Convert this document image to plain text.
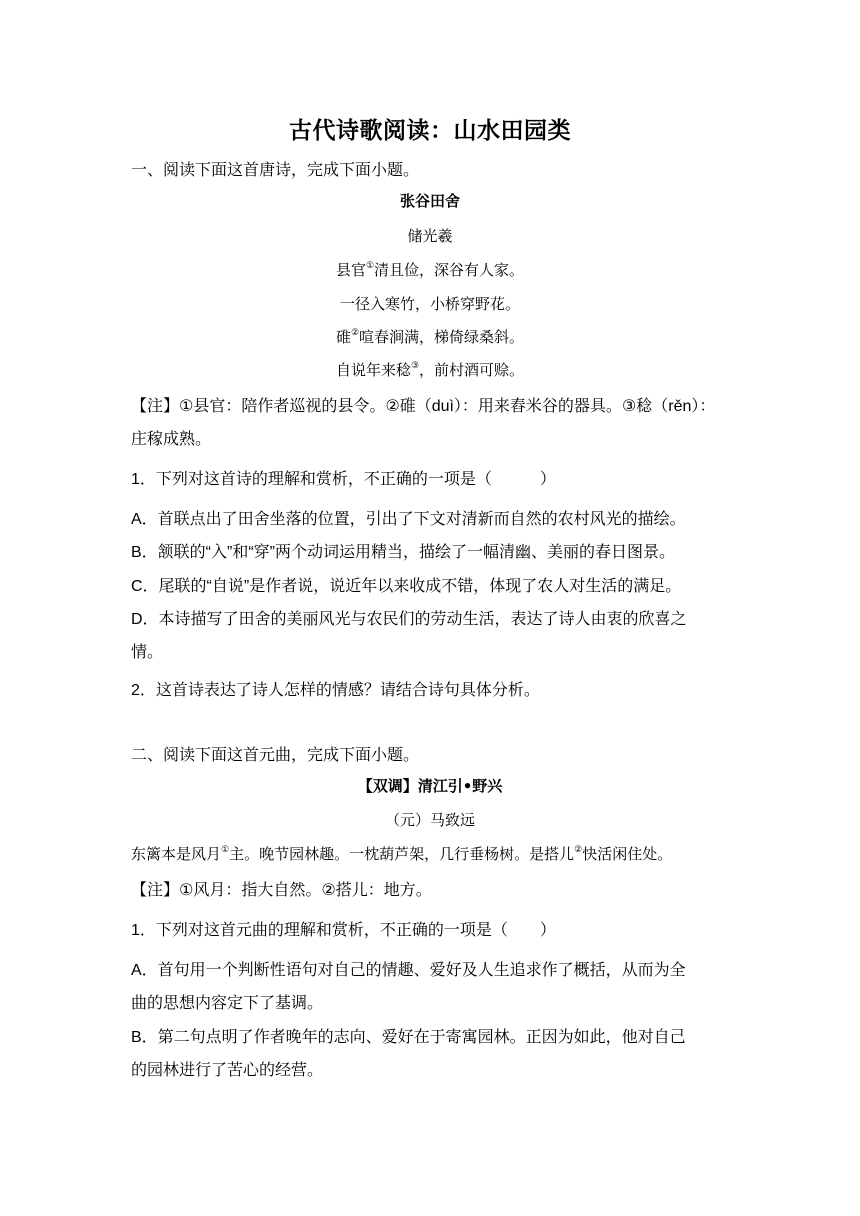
古代诗歌阅读：山水田园类
一、阅读下面这首唐诗，完成下面小题。
张谷田舍
储光羲
县官①清且俭，深谷有人家。
一径入寒竹，小桥穿野花。
碓②喧春涧满，梯倚绿桑斜。
自说年来稔③，前村酒可赊。
【注】①县官：陪作者巡视的县令。②碓（duì）：用来舂米谷的器具。③稔（rěn）：
庄稼成熟。
1．下列对这首诗的理解和赏析，不正确的一项是（　　　）
A．首联点出了田舍坐落的位置，引出了下文对清新而自然的农村风光的描绘。
B．颔联的“入”和“穿”两个动词运用精当，描绘了一幅清幽、美丽的春日图景。
C．尾联的“自说”是作者说，说近年以来收成不错，体现了农人对生活的满足。
D．本诗描写了田舍的美丽风光与农民们的劳动生活，表达了诗人由衷的欣喜之
情。
2．这首诗表达了诗人怎样的情感？请结合诗句具体分析。
二、阅读下面这首元曲，完成下面小题。
【双调】清江引•野兴
（元）马致远
东篱本是风月①主。晚节园林趣。一枕葫芦架，几行垂杨树。是搭儿②快活闲住处。
【注】①风月：指大自然。②搭儿：地方。
1．下列对这首元曲的理解和赏析，不正确的一项是（　　）
A．首句用一个判断性语句对自己的情趣、爱好及人生追求作了概括，从而为全
曲的思想内容定下了基调。
B．第二句点明了作者晚年的志向、爱好在于寄寓园林。正因为如此，他对自己
的园林进行了苦心的经营。
